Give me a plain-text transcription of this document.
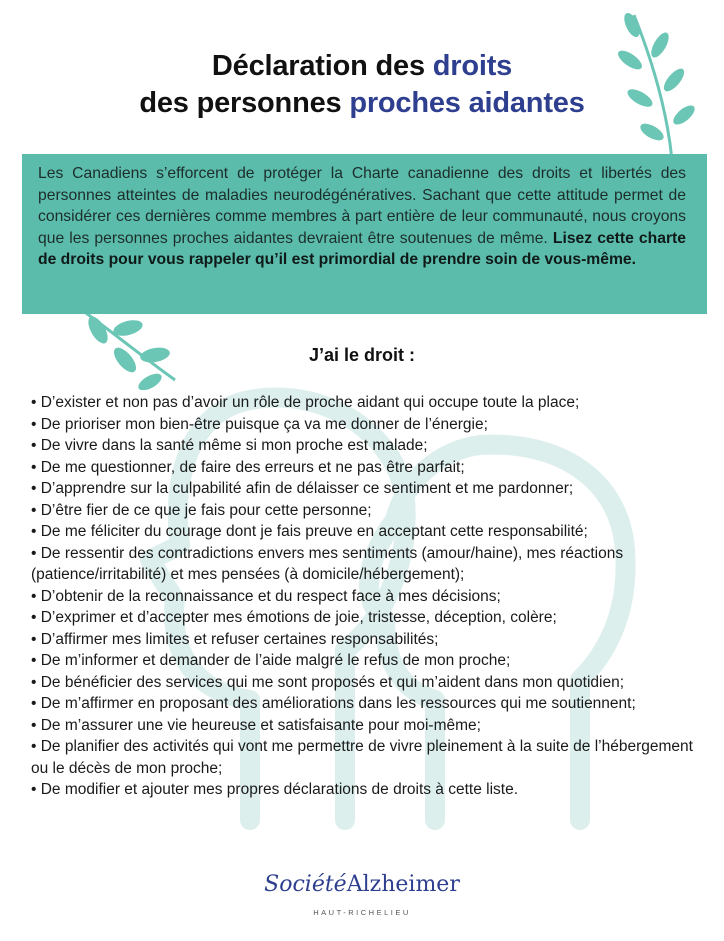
Déclaration des droits
des personnes proches aidantes

Les Canadiens s’efforcent de protéger la Charte canadienne des droits et libertés des personnes atteintes de maladies neurodégénératives. Sachant que cette attitude permet de considérer ces dernières comme membres à part entière de leur communauté, nous croyons que les personnes proches aidantes devraient être soutenues de même. Lisez cette charte de droits pour vous rappeler qu’il est primordial de prendre soin de vous-même.

J’ai le droit :
• D’exister et non pas d’avoir un rôle de proche aidant qui occupe toute la place;
• De prioriser mon bien-être puisque ça va me donner de l’énergie;
• De vivre dans la santé même si mon proche est malade;
• De me questionner, de faire des erreurs et ne pas être parfait;
• D’apprendre sur la culpabilité afin de délaisser ce sentiment et me pardonner;
• D’être fier de ce que je fais pour cette personne;
• De me féliciter du courage dont je fais preuve en acceptant cette responsabilité;
• De ressentir des contradictions envers mes sentiments (amour/haine), mes réactions (patience/irritabilité) et mes pensées (à domicile/hébergement);
• D’obtenir de la reconnaissance et du respect face à mes décisions;
• D’exprimer et d’accepter mes émotions de joie, tristesse, déception, colère;
• D’affirmer mes limites et refuser certaines responsabilités;
• De m’informer et demander de l’aide malgré le refus de mon proche;
• De bénéficier des services qui me sont proposés et qui m’aident dans mon quotidien;
• De m’affirmer en proposant des améliorations dans les ressources qui me soutiennent;
• De m’assurer une vie heureuse et satisfaisante pour moi-même;
• De planifier des activités qui vont me permettre de vivre pleinement à la suite de l’hébergement ou le décès de mon proche;
• De modifier et ajouter mes propres déclarations de droits à cette liste.
SociétéAlzheimer
HAUT-RICHELIEU
